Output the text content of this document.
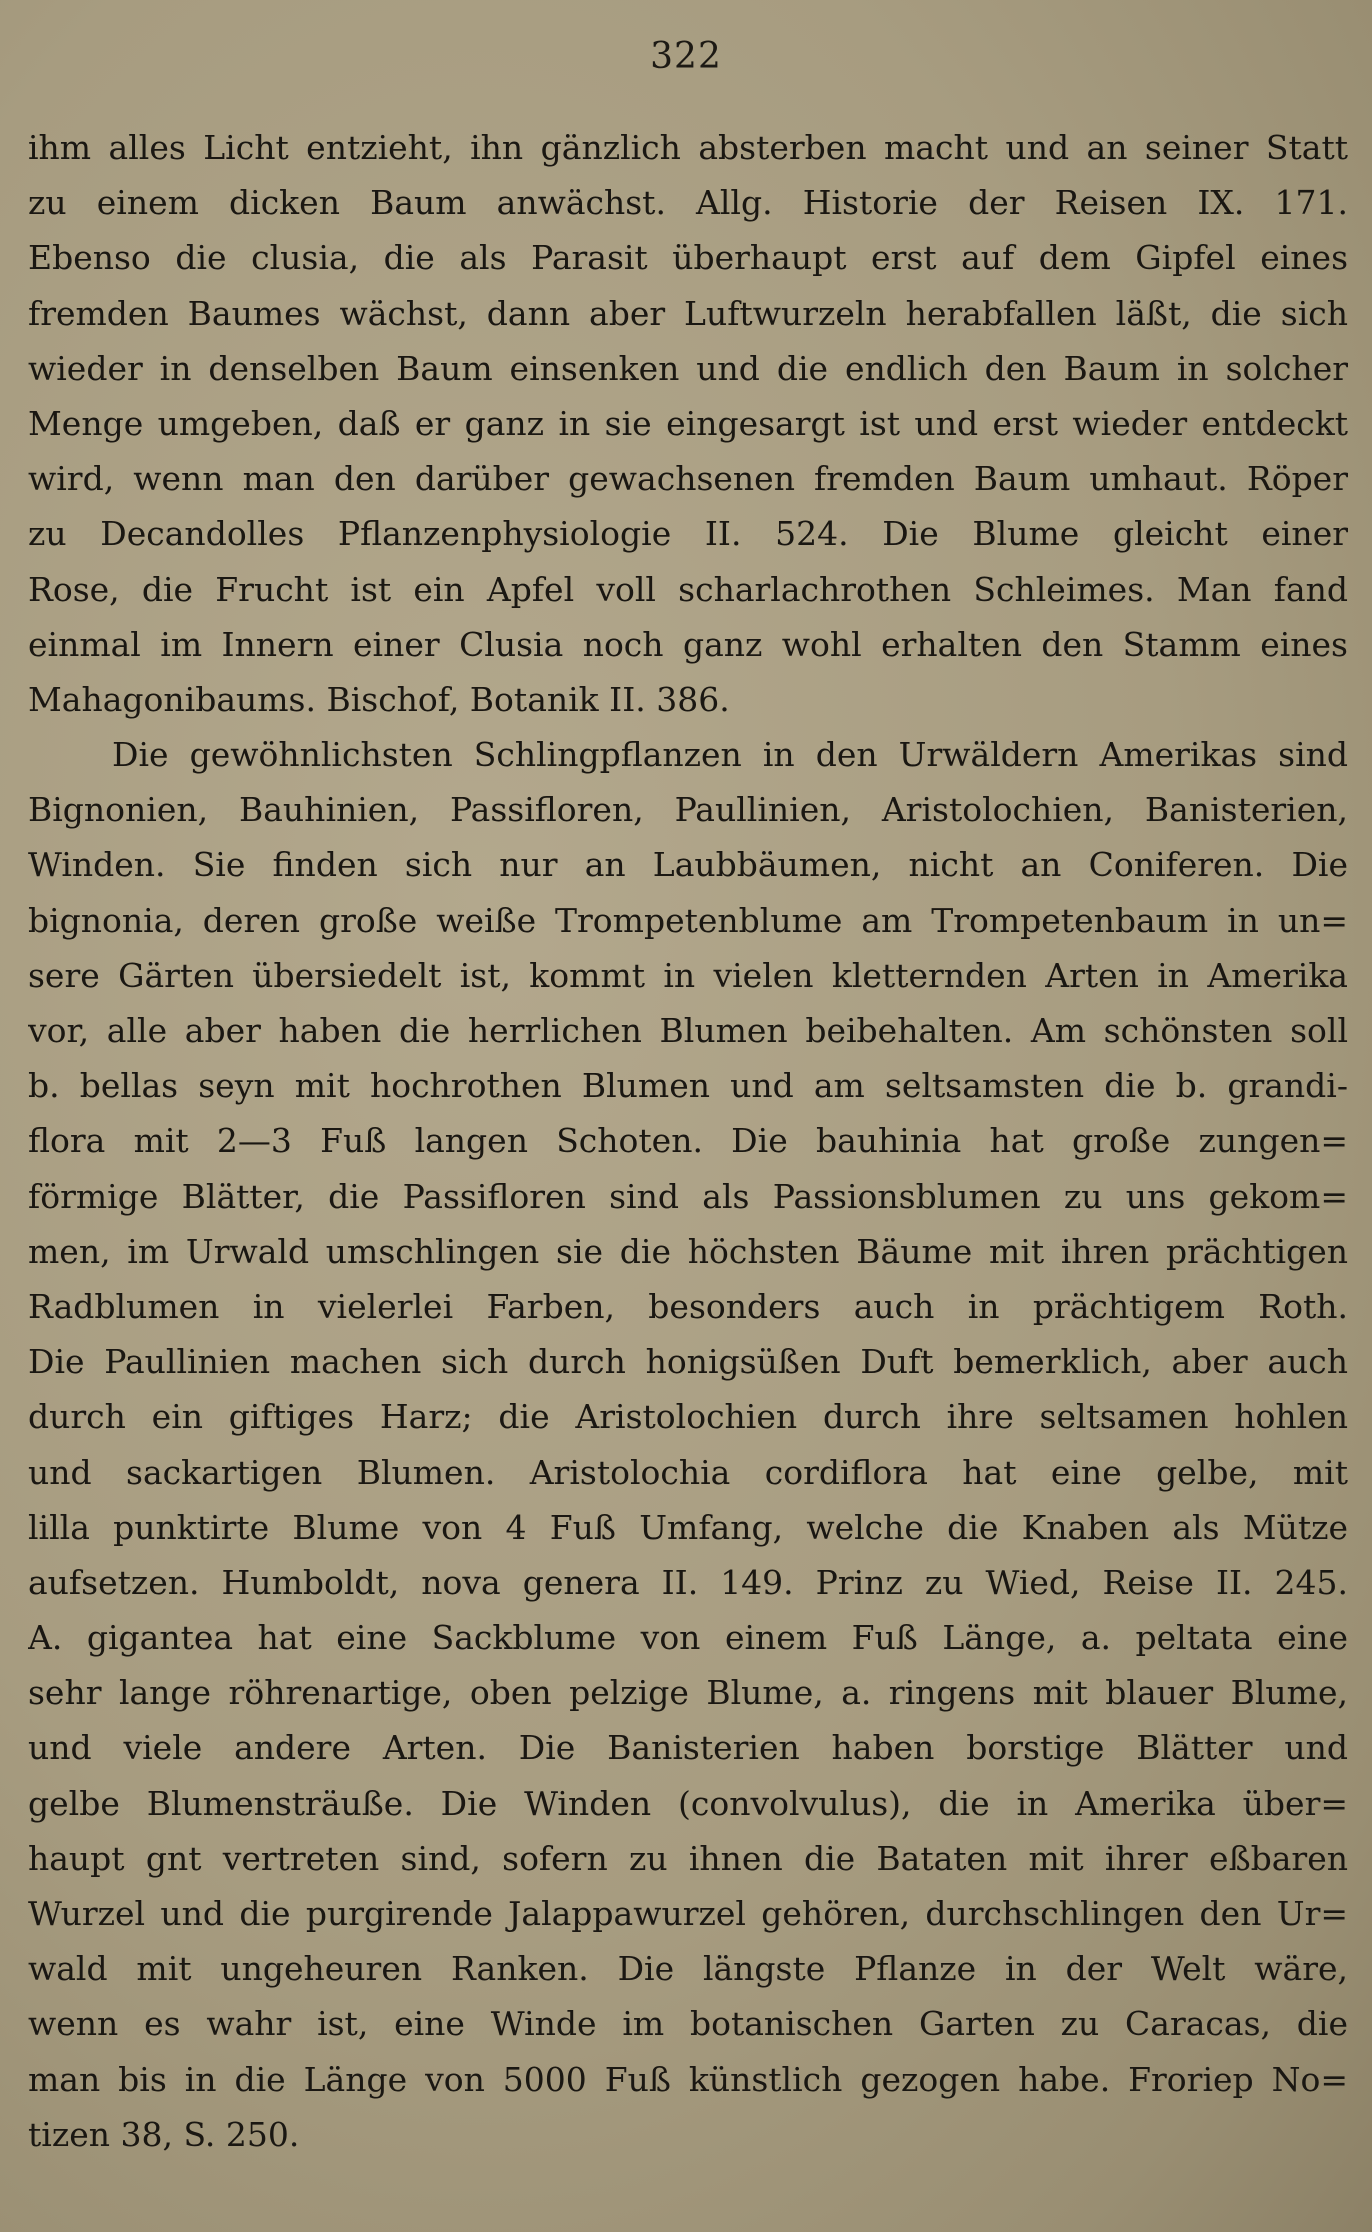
322
ihm alles Licht entzieht, ihn gänzlich absterben macht und an seiner Statt
zu einem dicken Baum anwächst. Allg. Historie der Reisen IX. 171.
Ebenso die clusia, die als Parasit überhaupt erst auf dem Gipfel eines
fremden Baumes wächst, dann aber Luftwurzeln herabfallen läßt, die sich
wieder in denselben Baum einsenken und die endlich den Baum in solcher
Menge umgeben, daß er ganz in sie eingesargt ist und erst wieder entdeckt
wird, wenn man den darüber gewachsenen fremden Baum umhaut. Röper
zu Decandolles Pflanzenphysiologie II. 524. Die Blume gleicht einer
Rose, die Frucht ist ein Apfel voll scharlachrothen Schleimes. Man fand
einmal im Innern einer Clusia noch ganz wohl erhalten den Stamm eines
Mahagonibaums. Bischof, Botanik II. 386.
Die gewöhnlichsten Schlingpflanzen in den Urwäldern Amerikas sind
Bignonien, Bauhinien, Passifloren, Paullinien, Aristolochien, Banisterien,
Winden. Sie finden sich nur an Laubbäumen, nicht an Coniferen. Die
bignonia, deren große weiße Trompetenblume am Trompetenbaum in un=
sere Gärten übersiedelt ist, kommt in vielen kletternden Arten in Amerika
vor, alle aber haben die herrlichen Blumen beibehalten. Am schönsten soll
b. bellas seyn mit hochrothen Blumen und am seltsamsten die b. grandi-
flora mit 2—3 Fuß langen Schoten. Die bauhinia hat große zungen=
förmige Blätter, die Passifloren sind als Passionsblumen zu uns gekom=
men, im Urwald umschlingen sie die höchsten Bäume mit ihren prächtigen
Radblumen in vielerlei Farben, besonders auch in prächtigem Roth.
Die Paullinien machen sich durch honigsüßen Duft bemerklich, aber auch
durch ein giftiges Harz; die Aristolochien durch ihre seltsamen hohlen
und sackartigen Blumen. Aristolochia cordiflora hat eine gelbe, mit
lilla punktirte Blume von 4 Fuß Umfang, welche die Knaben als Mütze
aufsetzen. Humboldt, nova genera II. 149. Prinz zu Wied, Reise II. 245.
A. gigantea hat eine Sackblume von einem Fuß Länge, a. peltata eine
sehr lange röhrenartige, oben pelzige Blume, a. ringens mit blauer Blume,
und viele andere Arten. Die Banisterien haben borstige Blätter und
gelbe Blumensträuße. Die Winden (convolvulus), die in Amerika über=
haupt gnt vertreten sind, sofern zu ihnen die Bataten mit ihrer eßbaren
Wurzel und die purgirende Jalappawurzel gehören, durchschlingen den Ur=
wald mit ungeheuren Ranken. Die längste Pflanze in der Welt wäre,
wenn es wahr ist, eine Winde im botanischen Garten zu Caracas, die
man bis in die Länge von 5000 Fuß künstlich gezogen habe. Froriep No=
tizen 38, S. 250.
